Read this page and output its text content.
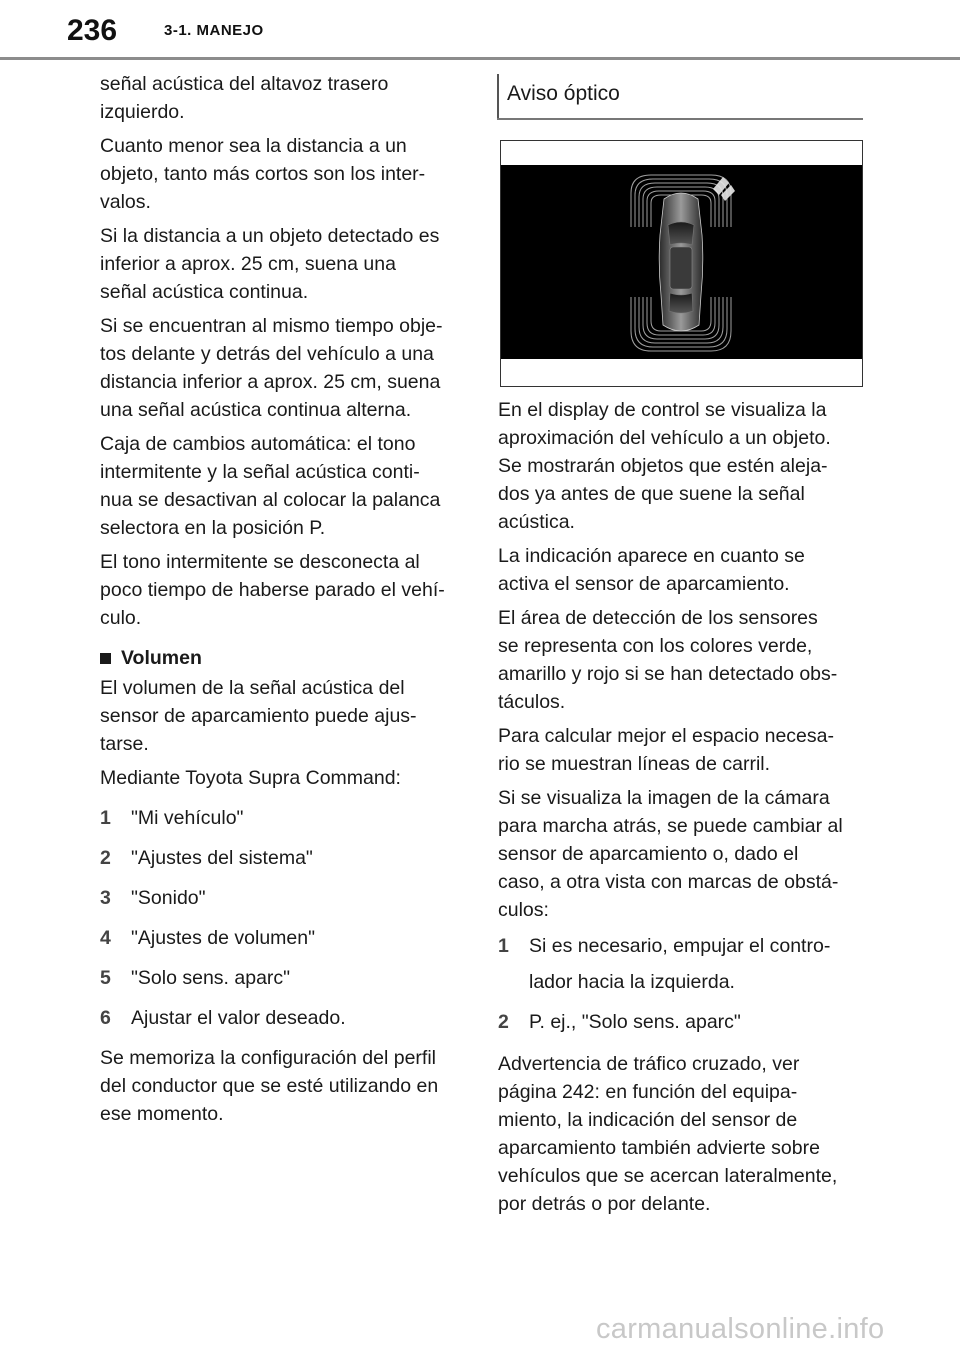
236	3-1. MANEJO

señal acústica del altavoz trasero
izquierdo.

Cuanto menor sea la distancia a un
objeto, tanto más cortos son los inter-
valos.

Si la distancia a un objeto detectado es
inferior a aprox. 25 cm, suena una
señal acústica continua.

Si se encuentran al mismo tiempo obje-
tos delante y detrás del vehículo a una
distancia inferior a aprox. 25 cm, suena
una señal acústica continua alterna.

Caja de cambios automática: el tono
intermitente y la señal acústica conti-
nua se desactivan al colocar la palanca
selectora en la posición P.

El tono intermitente se desconecta al
poco tiempo de haberse parado el vehí-
culo.

Volumen

El volumen de la señal acústica del
sensor de aparcamiento puede ajus-
tarse.

Mediante Toyota Supra Command:

1	"Mi vehículo"
2	"Ajustes del sistema"
3	"Sonido"
4	"Ajustes de volumen"
5	"Solo sens. aparc"
6	Ajustar el valor deseado.

Se memoriza la configuración del perfil
del conductor que se esté utilizando en
ese momento.

Aviso óptico

En el display de control se visualiza la
aproximación del vehículo a un objeto.
Se mostrarán objetos que estén aleja-
dos ya antes de que suene la señal
acústica.

La indicación aparece en cuanto se
activa el sensor de aparcamiento.

El área de detección de los sensores
se representa con los colores verde,
amarillo y rojo si se han detectado obs-
táculos.

Para calcular mejor el espacio necesa-
rio se muestran líneas de carril.

Si se visualiza la imagen de la cámara
para marcha atrás, se puede cambiar al
sensor de aparcamiento o, dado el
caso, a otra vista con marcas de obstá-
culos:

1	Si es necesario, empujar el contro-
lador hacia la izquierda.
2	P. ej., "Solo sens. aparc"

Advertencia de tráfico cruzado, ver
página 242: en función del equipa-
miento, la indicación del sensor de
aparcamiento también advierte sobre
vehículos que se acercan lateralmente,
por detrás o por delante.

carmanualsonline.info
